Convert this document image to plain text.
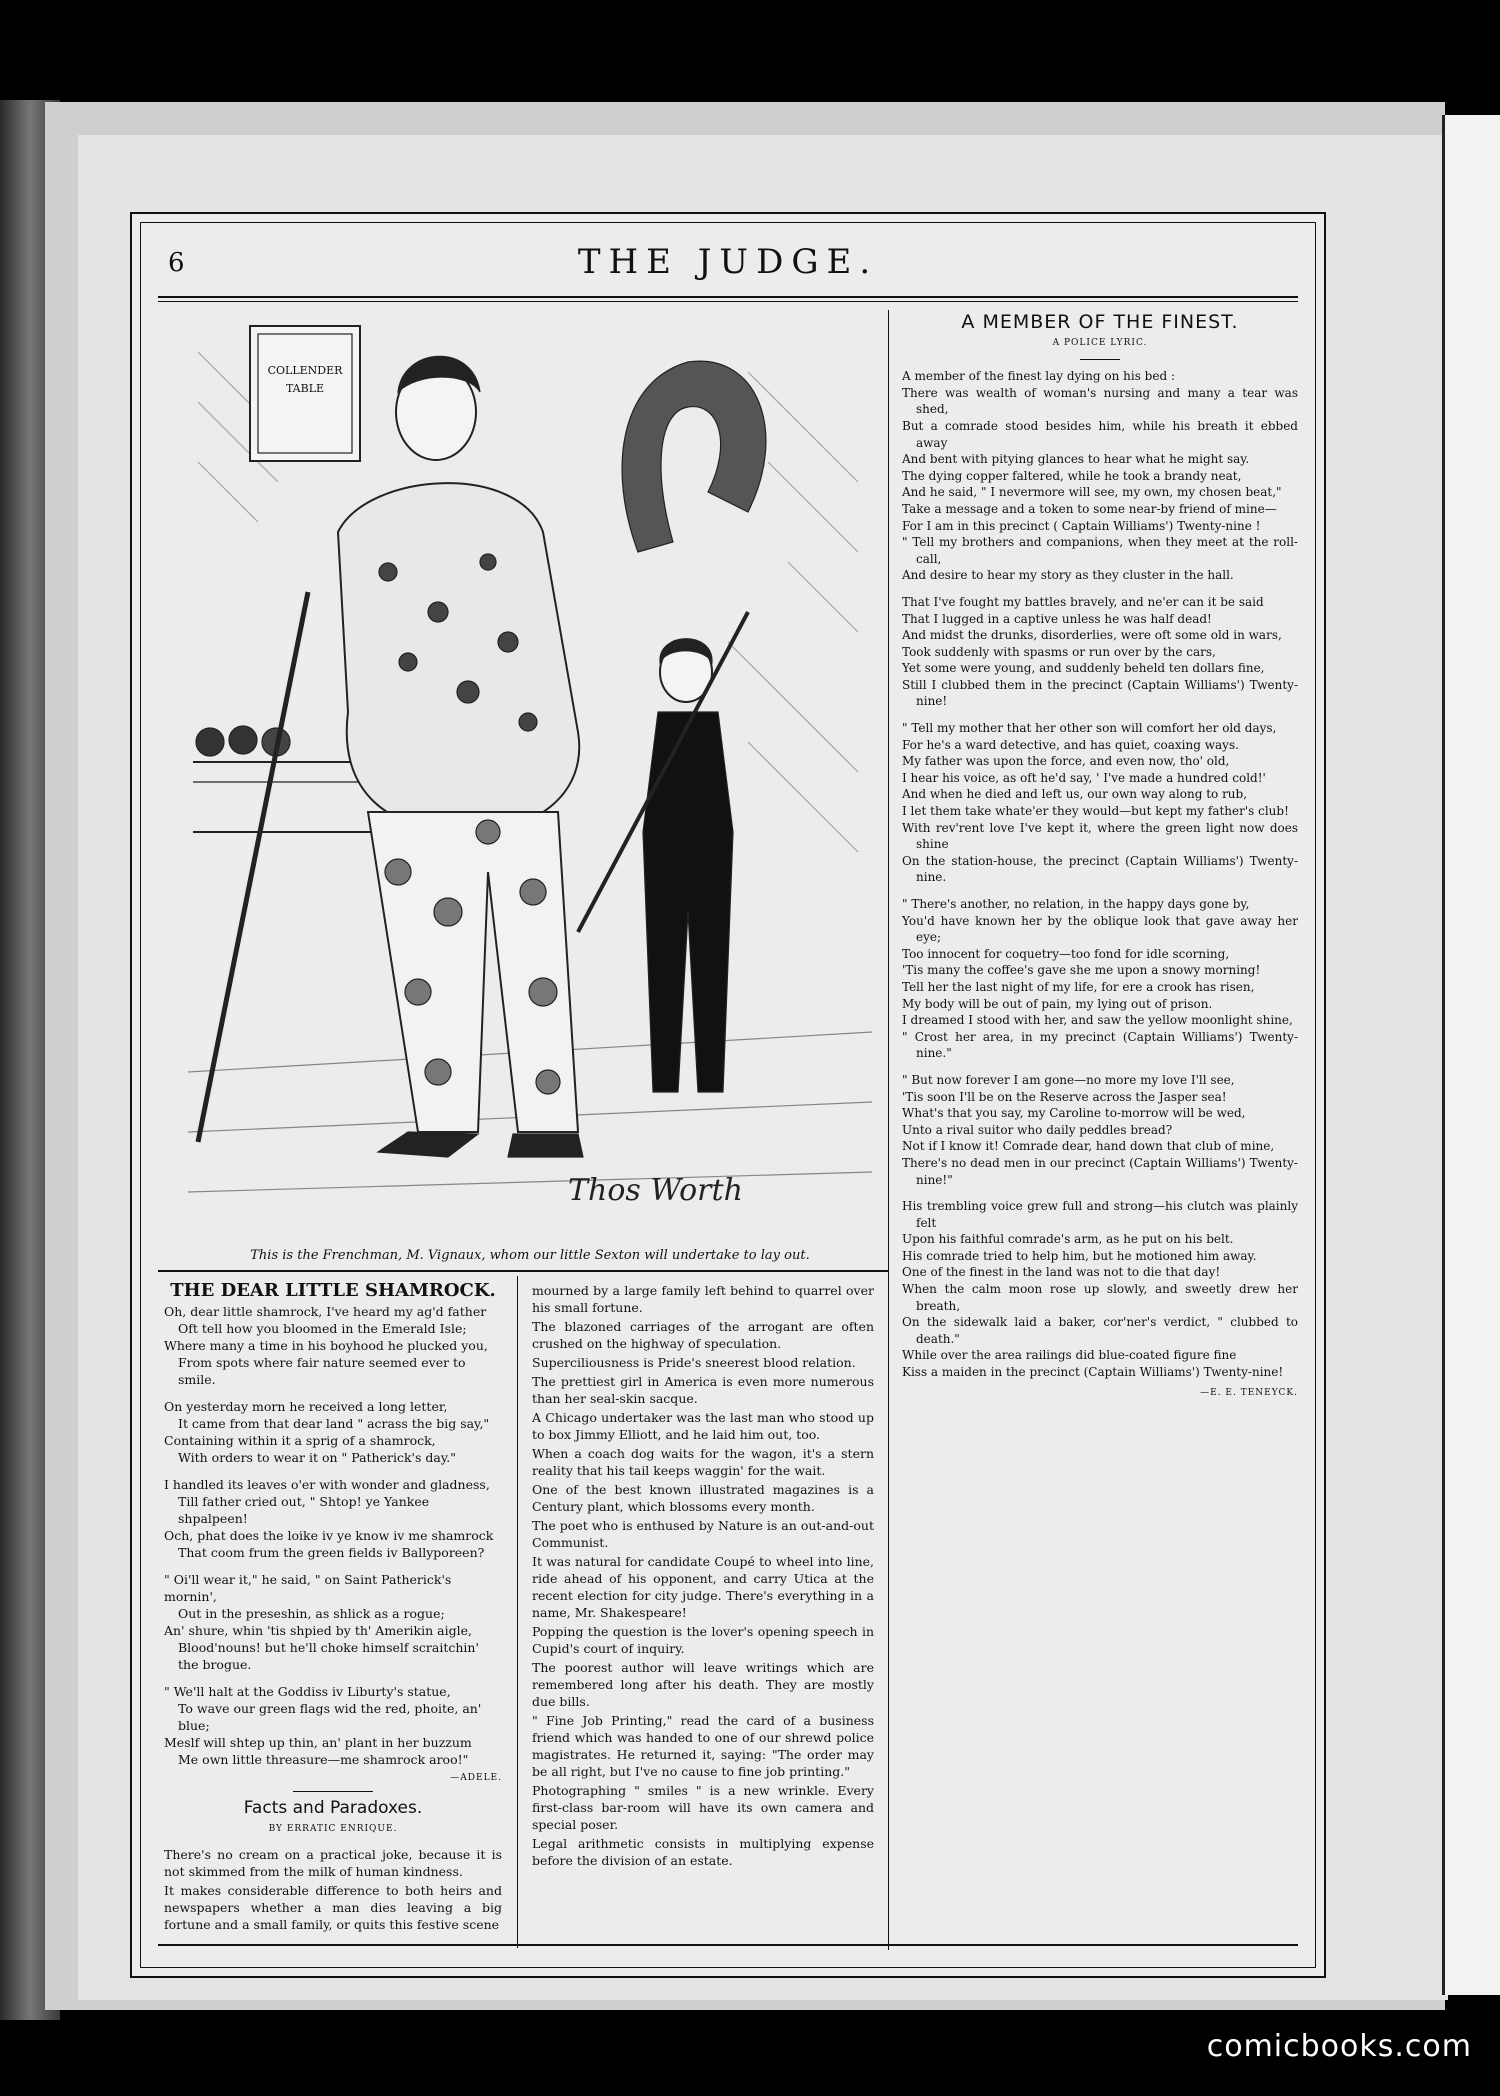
6	THE JUDGE.
COLLENDER
TABLE
Thos Worth
This is the Frenchman, M. Vignaux, whom our little Sexton will undertake to lay out.
THE DEAR LITTLE SHAMROCK.
Oh, dear little shamrock, I've heard my ag'd father
Oft tell how you bloomed in the Emerald Isle;
Where many a time in his boyhood he plucked you,
From spots where fair nature seemed ever to smile.
On yesterday morn he received a long letter,
It came from that dear land " acrass the big say,"
Containing within it a sprig of a shamrock,
With orders to wear it on " Patherick's day."
I handled its leaves o'er with wonder and gladness,
Till father cried out, " Shtop! ye Yankee shpalpeen!
Och, phat does the loike iv ye know iv me shamrock
That coom frum the green fields iv Ballyporeen?
" Oi'll wear it," he said, " on Saint Patherick's mornin',
Out in the preseshin, as shlick as a rogue;
An' shure, whin 'tis shpied by th' Amerikin aigle,
Blood'nouns! but he'll choke himself scraitchin' the brogue.
" We'll halt at the Goddiss iv Liburty's statue,
To wave our green flags wid the red, phoite, an' blue;
Meslf will shtep up thin, an' plant in her buzzum
Me own little threasure—me shamrock aroo!"
—ADELE.
Facts and Paradoxes.
BY ERRATIC ENRIQUE.

There's no cream on a practical joke, because it is not skimmed from the milk of human kindness.

It makes considerable difference to both heirs and newspapers whether a man dies leaving a big fortune and a small family, or quits this festive scene

mourned by a large family left behind to quarrel over his small fortune.

The blazoned carriages of the arrogant are often crushed on the highway of speculation.

Superciliousness is Pride's sneerest blood relation.

The prettiest girl in America is even more numerous than her seal-skin sacque.

A Chicago undertaker was the last man who stood up to box Jimmy Elliott, and he laid him out, too.

When a coach dog waits for the wagon, it's a stern reality that his tail keeps waggin' for the wait.

One of the best known illustrated magazines is a Century plant, which blossoms every month.

The poet who is enthused by Nature is an out-and-out Communist.

It was natural for candidate Coupé to wheel into line, ride ahead of his opponent, and carry Utica at the recent election for city judge. There's everything in a name, Mr. Shakespeare!

Popping the question is the lover's opening speech in Cupid's court of inquiry.

The poorest author will leave writings which are remembered long after his death. They are mostly due bills.

" Fine Job Printing," read the card of a business friend which was handed to one of our shrewd police magistrates. He returned it, saying: "The order may be all right, but I've no cause to fine job printing."

Photographing " smiles " is a new wrinkle. Every first-class bar-room will have its own camera and special poser.

Legal arithmetic consists in multiplying expense before the division of an estate.

A MEMBER OF THE FINEST.
A POLICE LYRIC.
A member of the finest lay dying on his bed :
There was wealth of woman's nursing and many a tear was shed,
But a comrade stood besides him, while his breath it ebbed away
And bent with pitying glances to hear what he might say.
The dying copper faltered, while he took a brandy neat,
And he said, " I nevermore will see, my own, my chosen beat,"
Take a message and a token to some near-by friend of mine—
For I am in this precinct ( Captain Williams') Twenty-nine !
" Tell my brothers and companions, when they meet at the roll-call,
And desire to hear my story as they cluster in the hall.
That I've fought my battles bravely, and ne'er can it be said
That I lugged in a captive unless he was half dead!
And midst the drunks, disorderlies, were oft some old in wars,
Took suddenly with spasms or run over by the cars,
Yet some were young, and suddenly beheld ten dollars fine,
Still I clubbed them in the precinct (Captain Williams') Twenty-nine!
" Tell my mother that her other son will comfort her old days,
For he's a ward detective, and has quiet, coaxing ways.
My father was upon the force, and even now, tho' old,
I hear his voice, as oft he'd say, ' I've made a hundred cold!'
And when he died and left us, our own way along to rub,
I let them take whate'er they would—but kept my father's club!
With rev'rent love I've kept it, where the green light now does shine
On the station-house, the precinct (Captain Williams') Twenty-nine.
" There's another, no relation, in the happy days gone by,
You'd have known her by the oblique look that gave away her eye;
Too innocent for coquetry—too fond for idle scorning,
'Tis many the coffee's gave she me upon a snowy morning!
Tell her the last night of my life, for ere a crook has risen,
My body will be out of pain, my lying out of prison.
I dreamed I stood with her, and saw the yellow moonlight shine,
" Crost her area, in my precinct (Captain Williams') Twenty-nine."
" But now forever I am gone—no more my love I'll see,
'Tis soon I'll be on the Reserve across the Jasper sea!
What's that you say, my Caroline to-morrow will be wed,
Unto a rival suitor who daily peddles bread?
Not if I know it! Comrade dear, hand down that club of mine,
There's no dead men in our precinct (Captain Williams') Twenty-nine!"
His trembling voice grew full and strong—his clutch was plainly felt
Upon his faithful comrade's arm, as he put on his belt.
His comrade tried to help him, but he motioned him away.
One of the finest in the land was not to die that day!
When the calm moon rose up slowly, and sweetly drew her breath,
On the sidewalk laid a baker, cor'ner's verdict, " clubbed to death."
While over the area railings did blue-coated figure fine
Kiss a maiden in the precinct (Captain Williams') Twenty-nine!
—E. E. TENEYCK.
comicbooks.com
